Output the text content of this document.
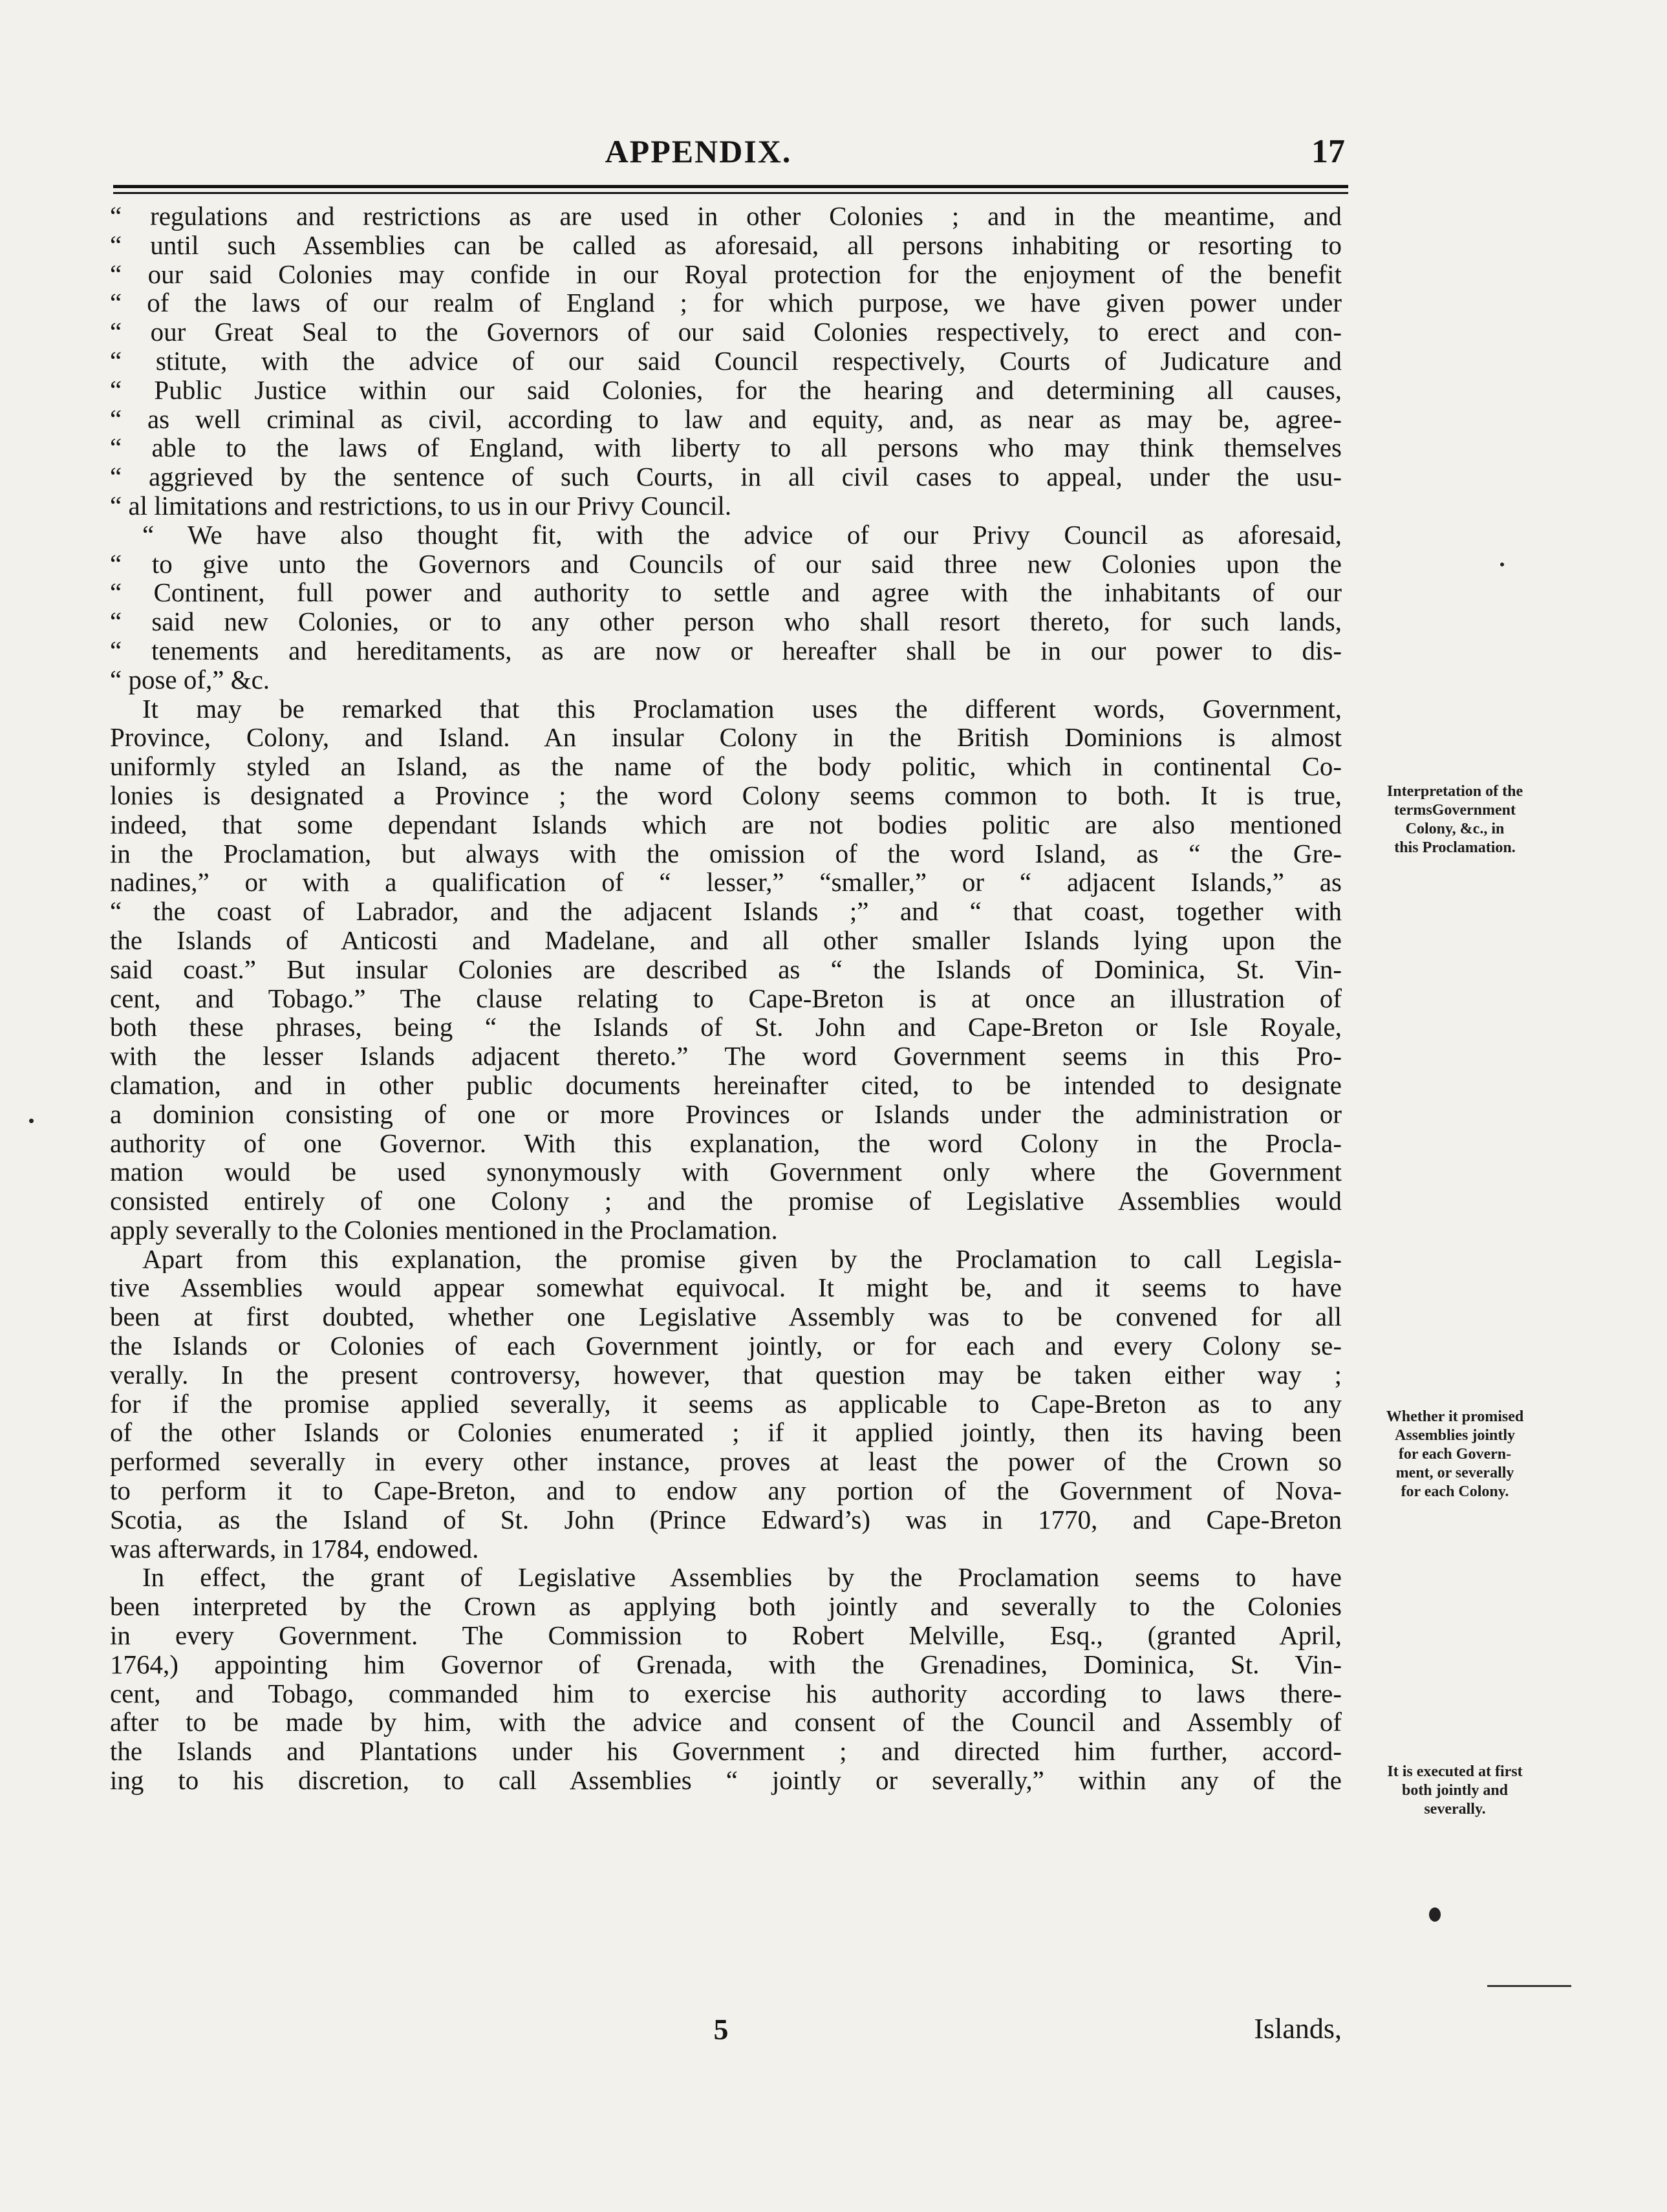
APPENDIX.	17
“ regulations and restrictions as are used in other Colonies ; and in the meantime, and
“ until such Assemblies can be called as aforesaid, all persons inhabiting or resorting to
“ our said Colonies may confide in our Royal protection for the enjoyment of the benefit
“ of the laws of our realm of England ; for which purpose, we have given power under
“ our Great Seal to the Governors of our said Colonies respectively, to erect and con-
“ stitute, with the advice of our said Council respectively, Courts of Judicature and
“ Public Justice within our said Colonies, for the hearing and determining all causes,
“ as well criminal as civil, according to law and equity, and, as near as may be, agree-
“ able to the laws of England, with liberty to all persons who may think themselves
“ aggrieved by the sentence of such Courts, in all civil cases to appeal, under the usu-
“ al limitations and restrictions, to us in our Privy Council.
“ We have also thought fit, with the advice of our Privy Council as aforesaid,
“ to give unto the Governors and Councils of our said three new Colonies upon the
“ Continent, full power and authority to settle and agree with the inhabitants of our
“ said new Colonies, or to any other person who shall resort thereto, for such lands,
“ tenements and hereditaments, as are now or hereafter shall be in our power to dis-
“ pose of,” &c.
It may be remarked that this Proclamation uses the different words, Government,
Province, Colony, and Island. An insular Colony in the British Dominions is almost
uniformly styled an Island, as the name of the body politic, which in continental Co-
lonies is designated a Province ; the word Colony seems common to both. It is true,
indeed, that some dependant Islands which are not bodies politic are also mentioned
in the Proclamation, but always with the omission of the word Island, as “ the Gre-
nadines,” or with a qualification of “ lesser,” “smaller,” or “ adjacent Islands,” as
“ the coast of Labrador, and the adjacent Islands ;” and “ that coast, together with
the Islands of Anticosti and Madelane, and all other smaller Islands lying upon the
said coast.” But insular Colonies are described as “ the Islands of Dominica, St. Vin-
cent, and Tobago.” The clause relating to Cape-Breton is at once an illustration of
both these phrases, being “ the Islands of St. John and Cape-Breton or Isle Royale,
with the lesser Islands adjacent thereto.” The word Government seems in this Pro-
clamation, and in other public documents hereinafter cited, to be intended to designate
a dominion consisting of one or more Provinces or Islands under the administration or
authority of one Governor. With this explanation, the word Colony in the Procla-
mation would be used synonymously with Government only where the Government
consisted entirely of one Colony ; and the promise of Legislative Assemblies would
apply severally to the Colonies mentioned in the Proclamation.
Apart from this explanation, the promise given by the Proclamation to call Legisla-
tive Assemblies would appear somewhat equivocal. It might be, and it seems to have
been at first doubted, whether one Legislative Assembly was to be convened for all
the Islands or Colonies of each Government jointly, or for each and every Colony se-
verally. In the present controversy, however, that question may be taken either way ;
for if the promise applied severally, it seems as applicable to Cape-Breton as to any
of the other Islands or Colonies enumerated ; if it applied jointly, then its having been
performed severally in every other instance, proves at least the power of the Crown so
to perform it to Cape-Breton, and to endow any portion of the Government of Nova-
Scotia, as the Island of St. John (Prince Edward’s) was in 1770, and Cape-Breton
was afterwards, in 1784, endowed.
In effect, the grant of Legislative Assemblies by the Proclamation seems to have
been interpreted by the Crown as applying both jointly and severally to the Colonies
in every Government. The Commission to Robert Melville, Esq., (granted April,
1764,) appointing him Governor of Grenada, with the Grenadines, Dominica, St. Vin-
cent, and Tobago, commanded him to exercise his authority according to laws there-
after to be made by him, with the advice and consent of the Council and Assembly of
the Islands and Plantations under his Government ; and directed him further, accord-
ing to his discretion, to call Assemblies “ jointly or severally,” within any of the
Interpretation of the
termsGovernment
Colony, &c., in
this Proclamation.
Whether it promised
Assemblies jointly
for each Govern-
ment, or severally
for each Colony.
It is executed at first
both jointly and
severally.
5	Islands,
